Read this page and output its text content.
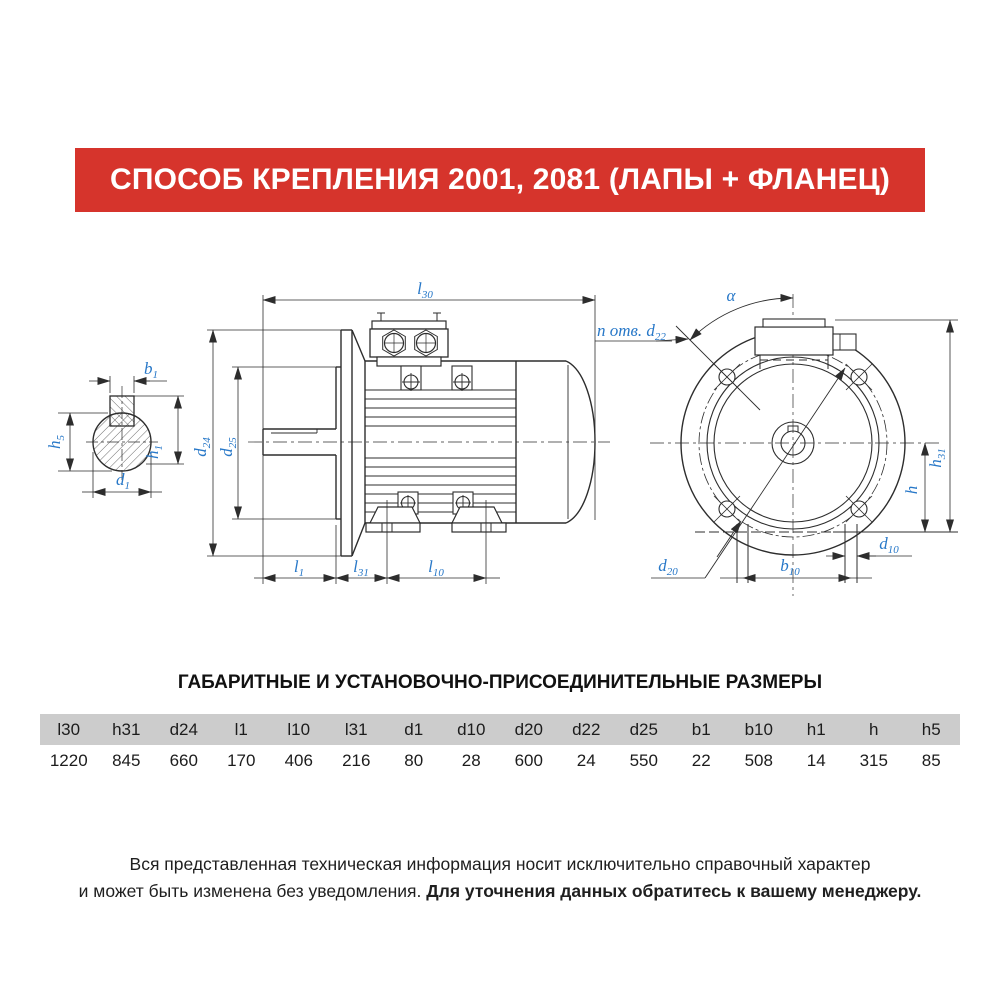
СПОСОБ КРЕПЛЕНИЯ 2001, 2081 (ЛАПЫ + ФЛАНЕЦ)
$l_{30}$
$b_1$
$h_5$
$h_1$
$d_1$
$d_{24}$
$d_{25}$
$l_1$	$l_{31}$	$l_{10}$
n отв. $d_{22}$
α
$h_{31}$
h
$d_{10}$
$b_{10}$
$d_{20}$
ГАБАРИТНЫЕ И УСТАНОВОЧНО-ПРИСОЕДИНИТЕЛЬНЫЕ РАЗМЕРЫ
l30	h31	d24	l1	l10	l31	d1	d10	d20	d22	d25	b1	b10	h1	h	h5
1220	845	660	170	406	216	80	28	600	24	550	22	508	14	315	85
Вся представленная техническая информация носит исключительно справочный характер
и может быть изменена без уведомления. Для уточнения данных обратитесь к вашему менеджеру.
